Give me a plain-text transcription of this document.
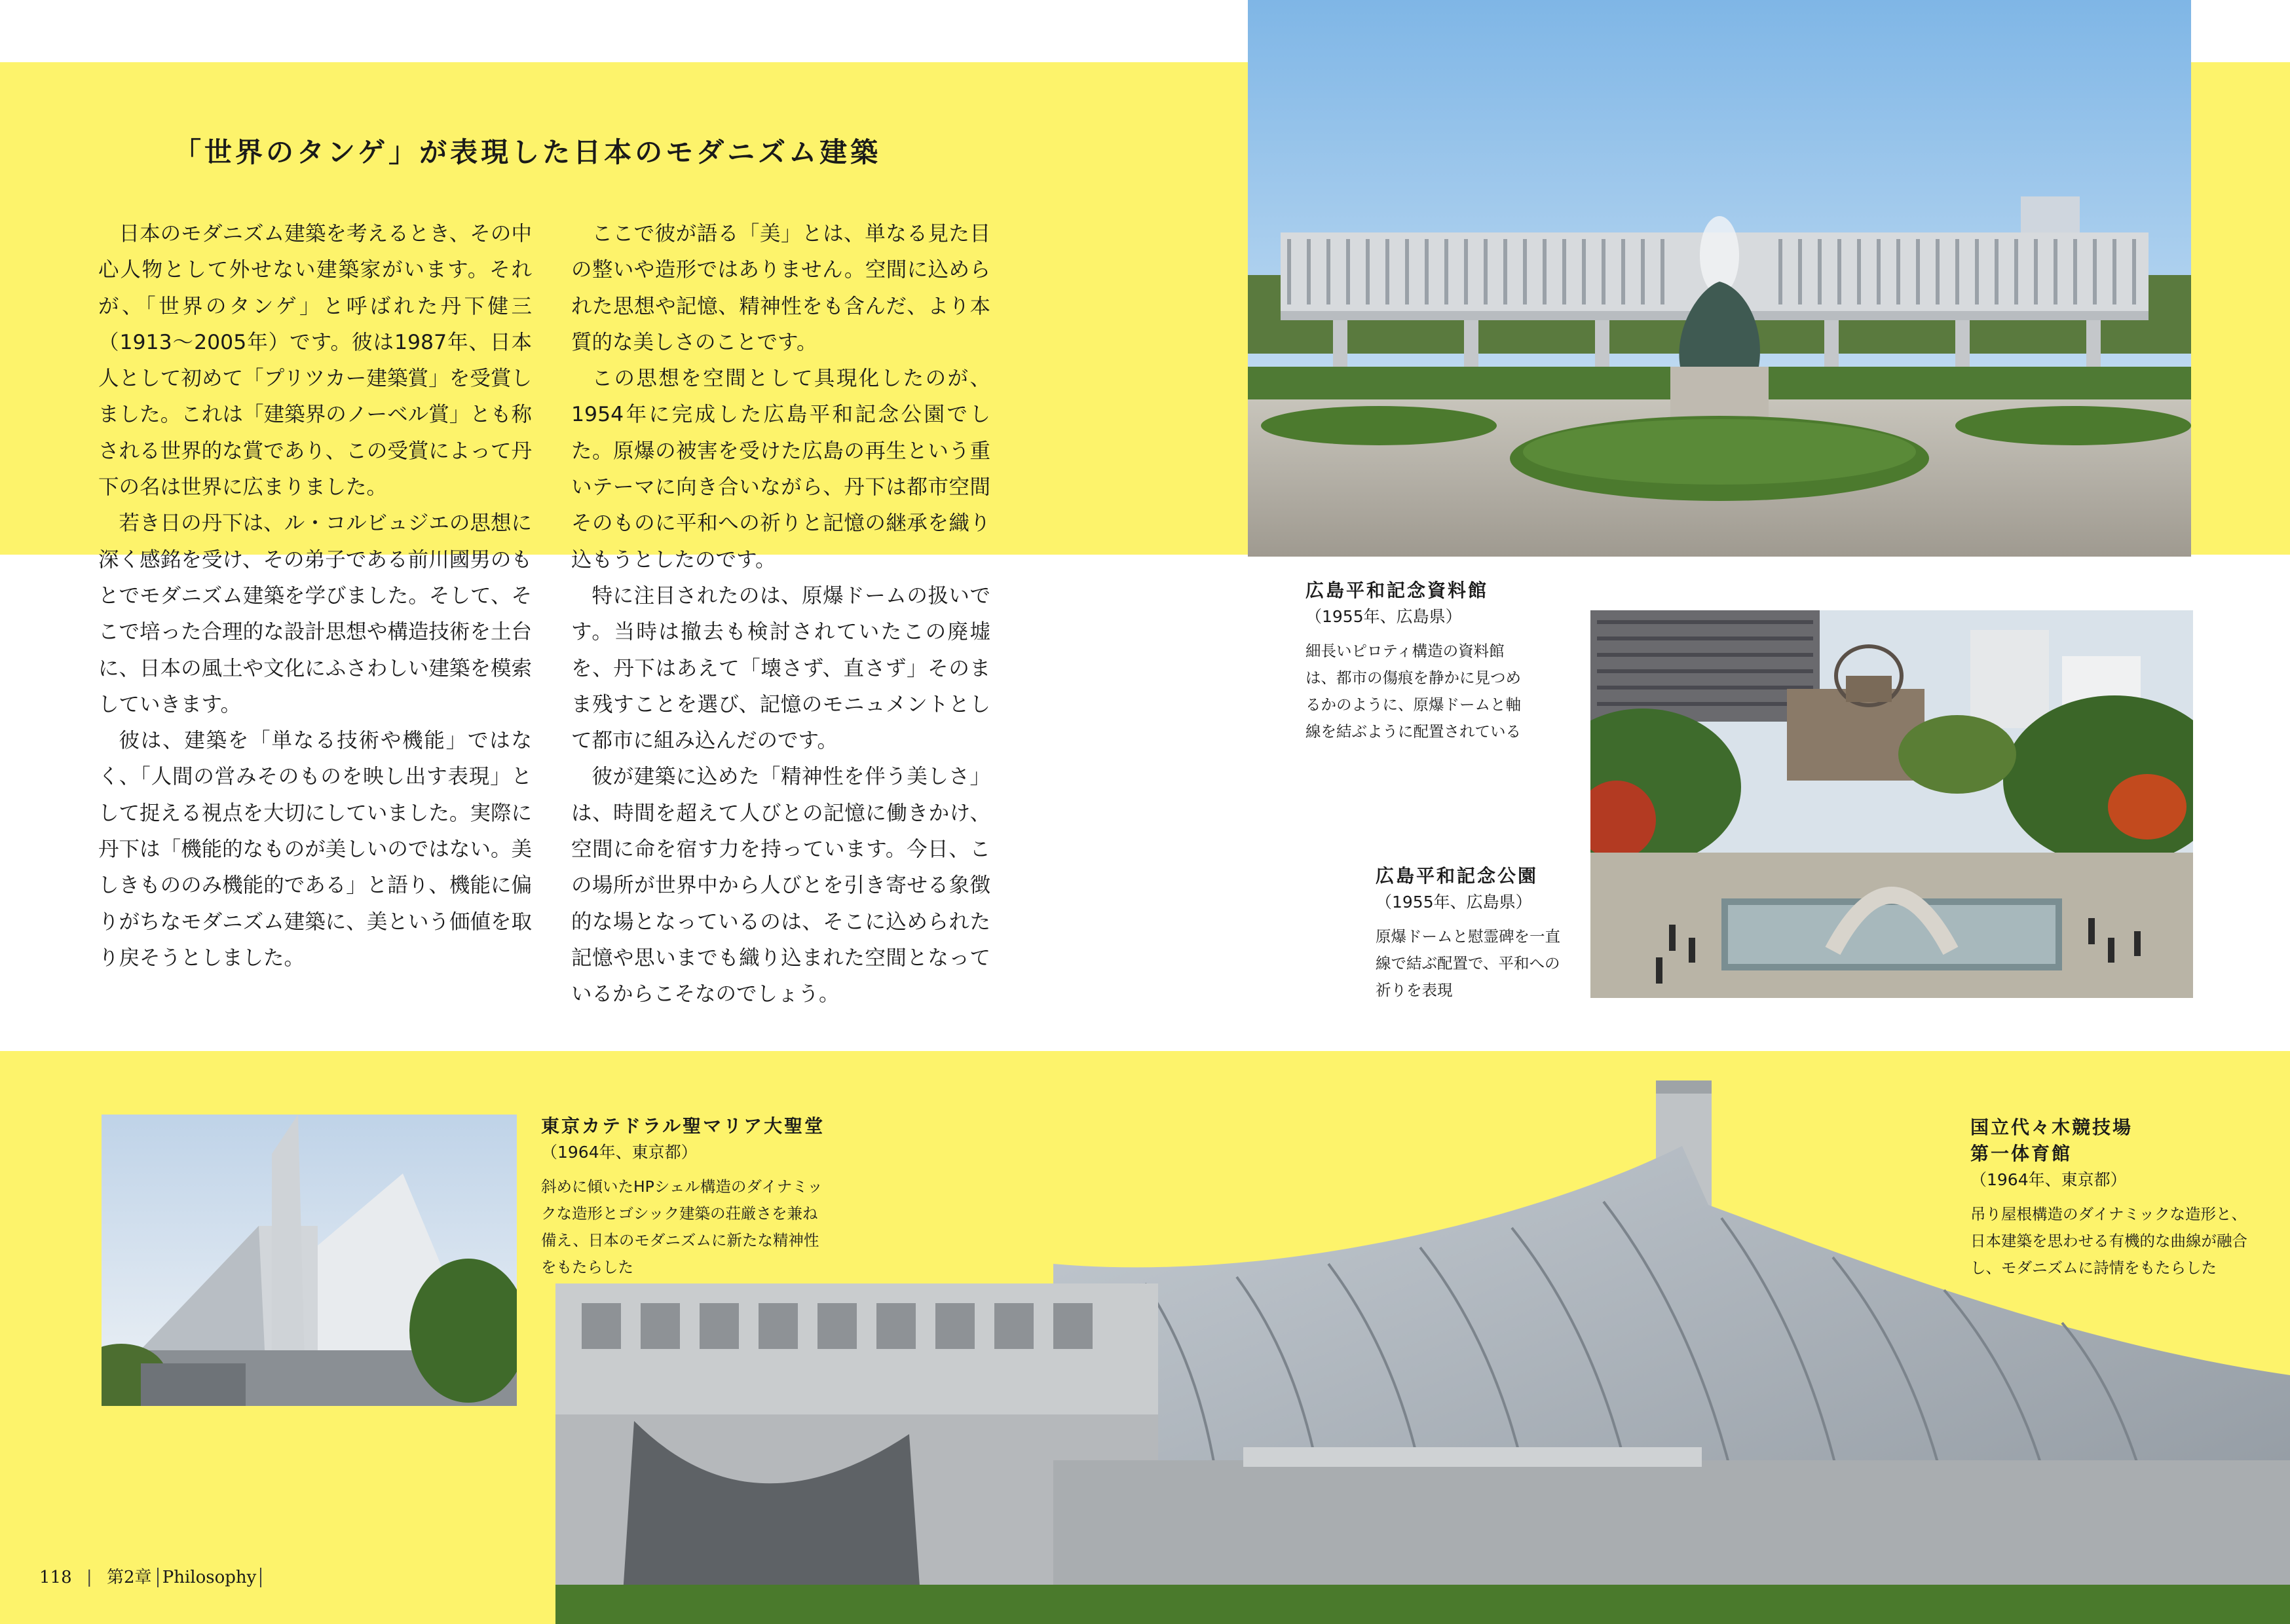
「世界のタンゲ」が表現した日本のモダニズム建築

日本のモダニズム建築を考えるとき、その中心人物として外せない建築家がいます。それが、「世界のタンゲ」と呼ばれた丹下健三（1913〜2005年）です。彼は1987年、日本人として初めて「プリツカー建築賞」を受賞しました。これは「建築界のノーベル賞」とも称される世界的な賞であり、この受賞によって丹下の名は世界に広まりました。

若き日の丹下は、ル・コルビュジエの思想に深く感銘を受け、その弟子である前川國男のもとでモダニズム建築を学びました。そして、そこで培った合理的な設計思想や構造技術を土台に、日本の風土や文化にふさわしい建築を模索していきます。

彼は、建築を「単なる技術や機能」ではなく、「人間の営みそのものを映し出す表現」として捉える視点を大切にしていました。実際に丹下は「機能的なものが美しいのではない。美しきもののみ機能的である」と語り、機能に偏りがちなモダニズム建築に、美という価値を取り戻そうとしました。

ここで彼が語る「美」とは、単なる見た目の整いや造形ではありません。空間に込められた思想や記憶、精神性をも含んだ、より本質的な美しさのことです。

この思想を空間として具現化したのが、1954年に完成した広島平和記念公園でした。原爆の被害を受けた広島の再生という重いテーマに向き合いながら、丹下は都市空間そのものに平和への祈りと記憶の継承を織り込もうとしたのです。

特に注目されたのは、原爆ドームの扱いです。当時は撤去も検討されていたこの廃墟を、丹下はあえて「壊さず、直さず」そのまま残すことを選び、記憶のモニュメントとして都市に組み込んだのです。

彼が建築に込めた「精神性を伴う美しさ」は、時間を超えて人びとの記憶に働きかけ、空間に命を宿す力を持っています。今日、この場所が世界中から人びとを引き寄せる象徴的な場となっているのは、そこに込められた記憶や思いまでも織り込まれた空間となっているからこそなのでしょう。

広島平和記念資料館
（1955年、広島県）
細長いピロティ構造の資料館は、都市の傷痕を静かに見つめるかのように、原爆ドームと軸線を結ぶように配置されている
広島平和記念公園
（1955年、広島県）
原爆ドームと慰霊碑を一直線で結ぶ配置で、平和への祈りを表現
東京カテドラル聖マリア大聖堂
（1964年、東京都）
斜めに傾いたHPシェル構造のダイナミックな造形とゴシック建築の荘厳さを兼ね備え、日本のモダニズムに新たな精神性をもたらした
国立代々木競技場
第一体育館
（1964年、東京都）
吊り屋根構造のダイナミックな造形と、日本建築を思わせる有機的な曲線が融合し、モダニズムに詩情をもたらした
118 | 第2章 Philosophy
